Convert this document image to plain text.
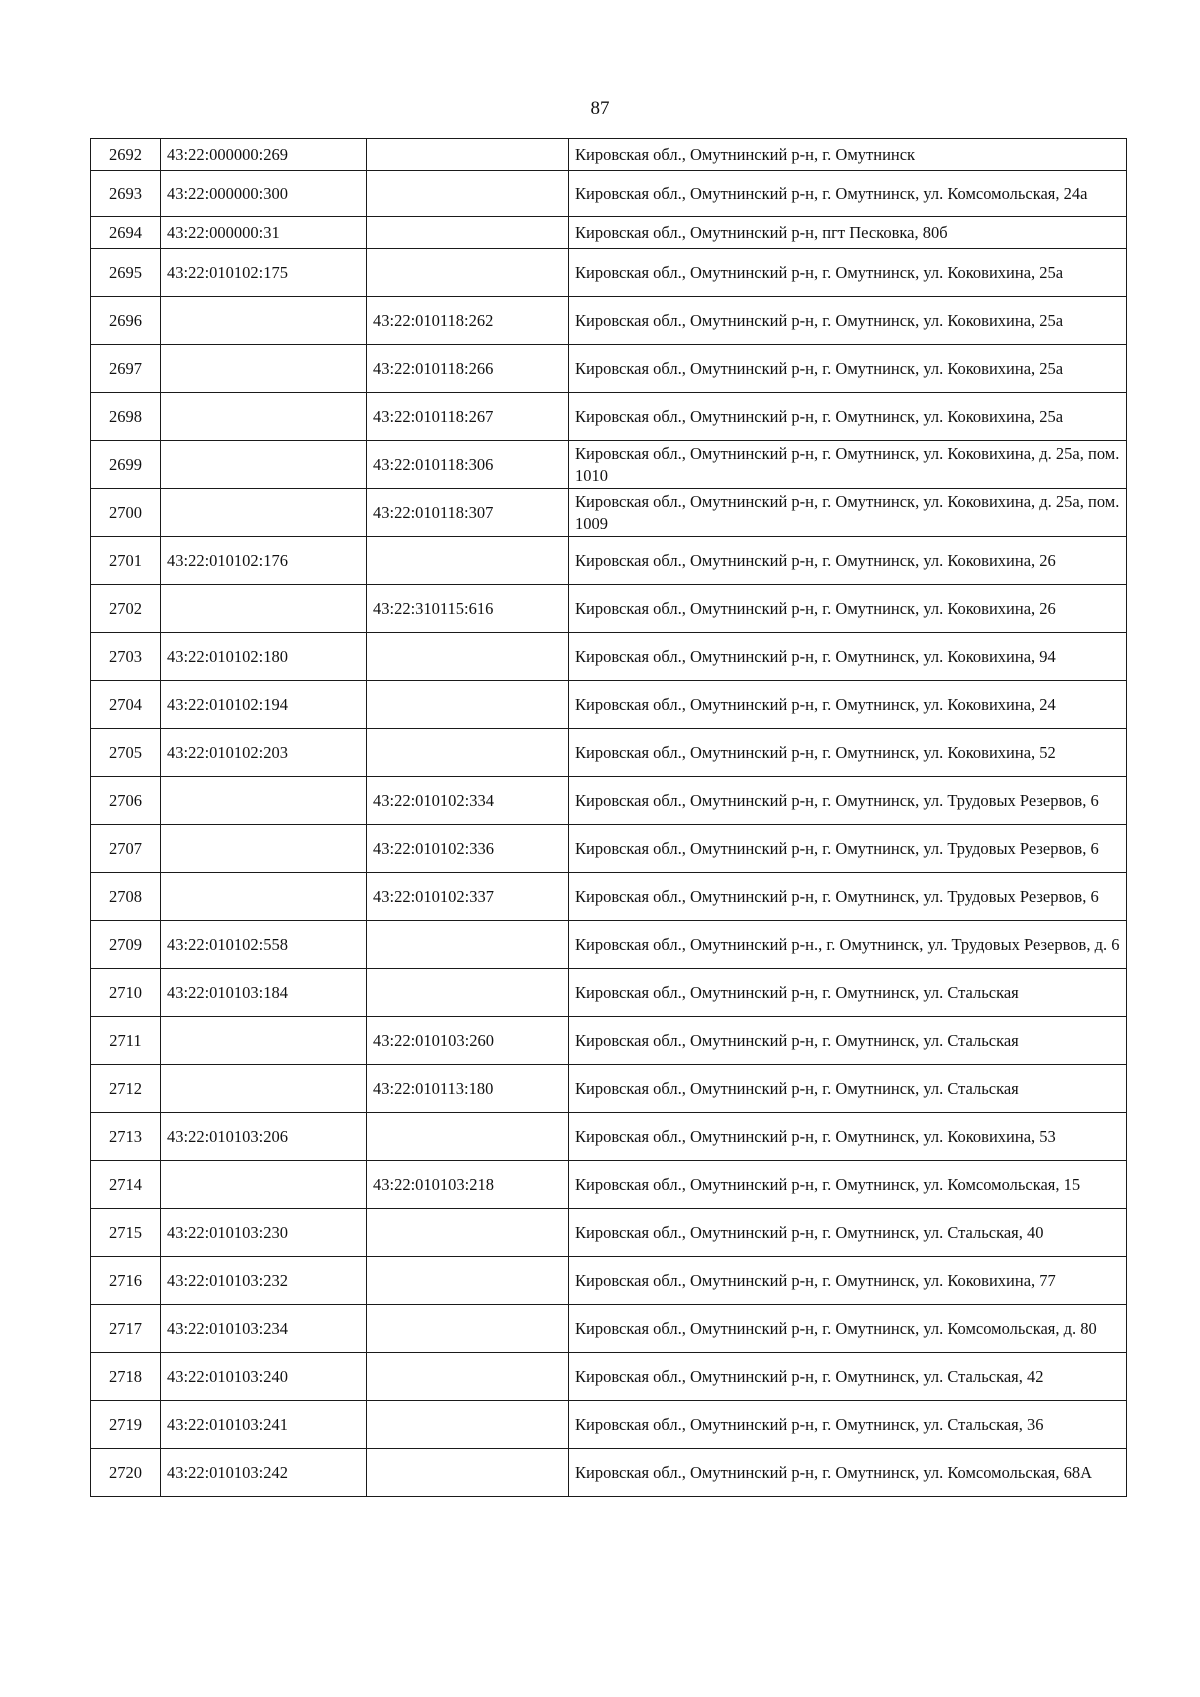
87
2692	43:22:000000:269		Кировская обл., Омутнинский р-н, г. Омутнинск
2693	43:22:000000:300		Кировская обл., Омутнинский р-н, г. Омутнинск, ул. Комсомольская, 24а
2694	43:22:000000:31		Кировская обл., Омутнинский р-н, пгт Песковка, 80б
2695	43:22:010102:175		Кировская обл., Омутнинский р-н, г. Омутнинск, ул. Коковихина, 25а
2696		43:22:010118:262	Кировская обл., Омутнинский р-н, г. Омутнинск, ул. Коковихина, 25а
2697		43:22:010118:266	Кировская обл., Омутнинский р-н, г. Омутнинск, ул. Коковихина, 25а
2698		43:22:010118:267	Кировская обл., Омутнинский р-н, г. Омутнинск, ул. Коковихина, 25а
2699		43:22:010118:306	Кировская обл., Омутнинский р-н, г. Омутнинск, ул. Коковихина, д. 25а, пом. 1010
2700		43:22:010118:307	Кировская обл., Омутнинский р-н, г. Омутнинск, ул. Коковихина, д. 25а, пом. 1009
2701	43:22:010102:176		Кировская обл., Омутнинский р-н, г. Омутнинск, ул. Коковихина, 26
2702		43:22:310115:616	Кировская обл., Омутнинский р-н, г. Омутнинск, ул. Коковихина, 26
2703	43:22:010102:180		Кировская обл., Омутнинский р-н, г. Омутнинск, ул. Коковихина, 94
2704	43:22:010102:194		Кировская обл., Омутнинский р-н, г. Омутнинск, ул. Коковихина, 24
2705	43:22:010102:203		Кировская обл., Омутнинский р-н, г. Омутнинск, ул. Коковихина, 52
2706		43:22:010102:334	Кировская обл., Омутнинский р-н, г. Омутнинск, ул. Трудовых Резервов, 6
2707		43:22:010102:336	Кировская обл., Омутнинский р-н, г. Омутнинск, ул. Трудовых Резервов, 6
2708		43:22:010102:337	Кировская обл., Омутнинский р-н, г. Омутнинск, ул. Трудовых Резервов, 6
2709	43:22:010102:558		Кировская обл., Омутнинский р-н., г. Омутнинск, ул. Трудовых Резервов, д. 6
2710	43:22:010103:184		Кировская обл., Омутнинский р-н, г. Омутнинск, ул. Стальская
2711		43:22:010103:260	Кировская обл., Омутнинский р-н, г. Омутнинск, ул. Стальская
2712		43:22:010113:180	Кировская обл., Омутнинский р-н, г. Омутнинск, ул. Стальская
2713	43:22:010103:206		Кировская обл., Омутнинский р-н, г. Омутнинск, ул. Коковихина, 53
2714		43:22:010103:218	Кировская обл., Омутнинский р-н, г. Омутнинск, ул. Комсомольская, 15
2715	43:22:010103:230		Кировская обл., Омутнинский р-н, г. Омутнинск, ул. Стальская, 40
2716	43:22:010103:232		Кировская обл., Омутнинский р-н, г. Омутнинск, ул. Коковихина, 77
2717	43:22:010103:234		Кировская обл., Омутнинский р-н, г. Омутнинск, ул. Комсомольская, д. 80
2718	43:22:010103:240		Кировская обл., Омутнинский р-н, г. Омутнинск, ул. Стальская, 42
2719	43:22:010103:241		Кировская обл., Омутнинский р-н, г. Омутнинск, ул. Стальская, 36
2720	43:22:010103:242		Кировская обл., Омутнинский р-н, г. Омутнинск, ул. Комсомольская, 68А
